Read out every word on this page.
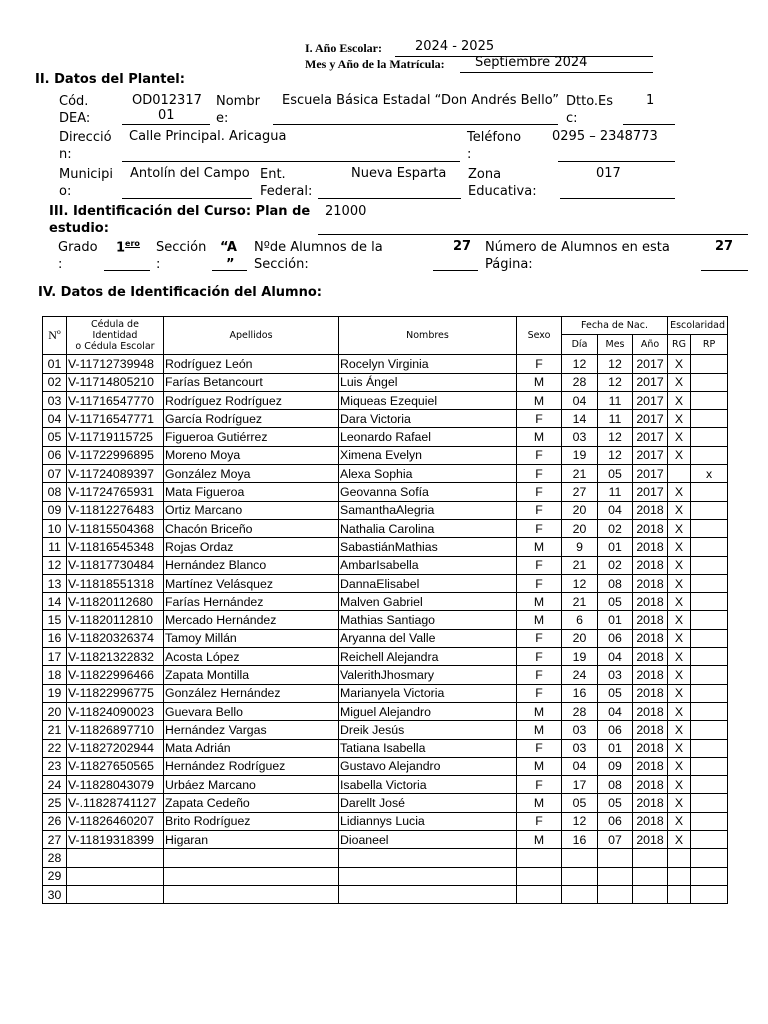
I. Año Escolar:	2024 - 2025
Mes y Año de la Matrícula: Septiembre 2024
II. Datos del Plantel:
Cód.
DEA:
OD012317
01
Nombr
e:
Escuela Básica Estadal “Don Andrés Bello” Dtto.Es
c:
1
Direcció
n:
Calle Principal. Aricagua	Teléfono
:
0295 – 2348773
Municipi
o:
Antolín del Campo Ent.
Federal:
Nueva Esparta Zona
Educativa:
017
III. Identificación del Curso: Plan de
estudio:
21000
Grado
:
$1^{ero}$ Sección
:
“A
”
Nºde Alumnos de la
Sección:
27 Número de Alumnos en esta
Página:
27
IV. Datos de Identificación del Alumno:
Nº	Cédula de
Identidad
o Cédula Escolar	Apellidos	Nombres	Sexo	Fecha de Nac.			Escolaridad	
					Día	Mes	Año	RG	RP
01	V-11712739948	Rodríguez León	Rocelyn Virginia	F	12	12	2017	X	
02	V-11714805210	Farías Betancourt	Luis Ángel	M	28	12	2017	X	
03	V-11716547770	Rodríguez Rodríguez	Miqueas Ezequiel	M	04	11	2017	X	
04	V-11716547771	García Rodríguez	Dara Victoria	F	14	11	2017	X	
05	V-11719115725	Figueroa Gutiérrez	Leonardo Rafael	M	03	12	2017	X	
06	V-11722996895	Moreno Moya	Ximena Evelyn	F	19	12	2017	X	
07	V-11724089397	González Moya	Alexa Sophia	F	21	05	2017		x
08	V-11724765931	Mata Figueroa	Geovanna Sofía	F	27	11	2017	X	
09	V-11812276483	Ortiz Marcano	SamanthaAlegria	F	20	04	2018	X	
10	V-11815504368	Chacón Briceño	Nathalia Carolina	F	20	02	2018	X	
11	V-11816545348	Rojas Ordaz	SabastiánMathias	M	9	01	2018	X	
12	V-11817730484	Hernández Blanco	AmbarIsabella	F	21	02	2018	X	
13	V-11818551318	Martínez Velásquez	DannaElisabel	F	12	08	2018	X	
14	V-11820112680	Farías Hernández	Malven Gabriel	M	21	05	2018	X	
15	V-11820112810	Mercado Hernández	Mathias Santiago	M	6	01	2018	X	
16	V-11820326374	Tamoy Millán	Aryanna del Valle	F	20	06	2018	X	
17	V-11821322832	Acosta López	Reichell Alejandra	F	19	04	2018	X	
18	V-11822996466	Zapata Montilla	ValerithJhosmary	F	24	03	2018	X	
19	V-11822996775	González Hernández	Marianyela Victoria	F	16	05	2018	X	
20	V-11824090023	Guevara Bello	Miguel Alejandro	M	28	04	2018	X	
21	V-11826897710	Hernández Vargas	Dreik Jesús	M	03	06	2018	X	
22	V-11827202944	Mata Adrián	Tatiana Isabella	F	03	01	2018	X	
23	V-11827650565	Hernández Rodríguez	Gustavo Alejandro	M	04	09	2018	X	
24	V-11828043079	Urbáez Marcano	Isabella Victoria	F	17	08	2018	X	
25	V-.11828741127	Zapata Cedeño	Darellt José	M	05	05	2018	X	
26	V-11826460207	Brito Rodríguez	Lidiannys Lucia	F	12	06	2018	X	
27	V-11819318399	Higaran	Dioaneel	M	16	07	2018	X	
28									
29									
30									
